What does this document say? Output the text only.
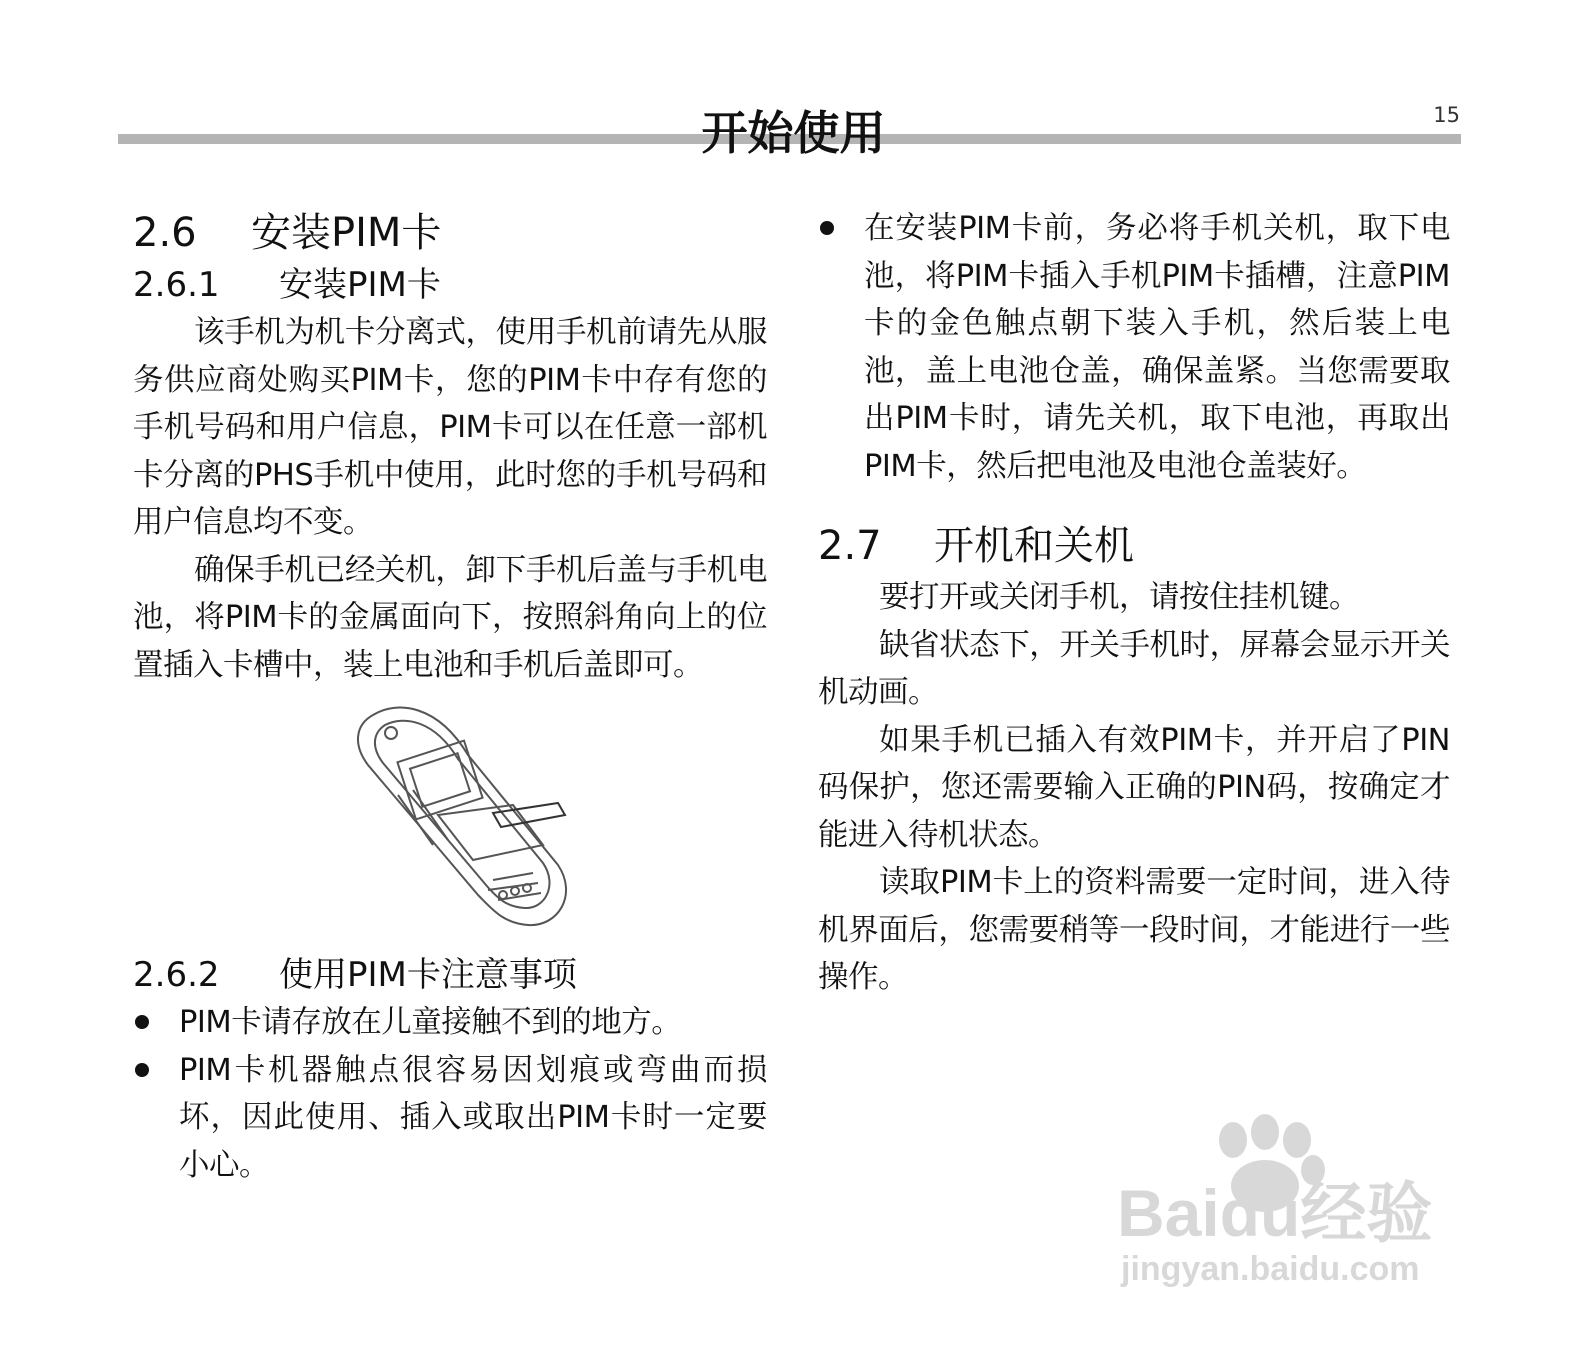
开始使用	15
2.6 安装PIM卡
2.6.1 安装PIM卡

该手机为机卡分离式，使用手机前请先从服务供应商处购买PIM卡，您的PIM卡中存有您的手机号码和用户信息，PIM卡可以在任意一部机卡分离的PHS手机中使用，此时您的手机号码和用户信息均不变。

确保手机已经关机，卸下手机后盖与手机电池，将PIM卡的金属面向下，按照斜角向上的位置插入卡槽中，装上电池和手机后盖即可。

2.6.2 使用PIM卡注意事项
PIM卡请存放在儿童接触不到的地方。
PIM卡机器触点很容易因划痕或弯曲而损坏，因此使用、插入或取出PIM卡时一定要小心。
在安装PIM卡前，务必将手机关机，取下电池，将PIM卡插入手机PIM卡插槽，注意PIM卡的金色触点朝下装入手机，然后装上电池，盖上电池仓盖，确保盖紧。当您需要取出PIM卡时，请先关机，取下电池，再取出PIM卡，然后把电池及电池仓盖装好。
2.7 开机和关机

要打开或关闭手机，请按住挂机键。

缺省状态下，开关手机时，屏幕会显示开关机动画。

如果手机已插入有效PIM卡，并开启了PIN码保护，您还需要输入正确的PIN码，按确定才能进入待机状态。

读取PIM卡上的资料需要一定时间，进入待机界面后，您需要稍等一段时间，才能进行一些操作。

Baidu经验
jingyan.baidu.com
